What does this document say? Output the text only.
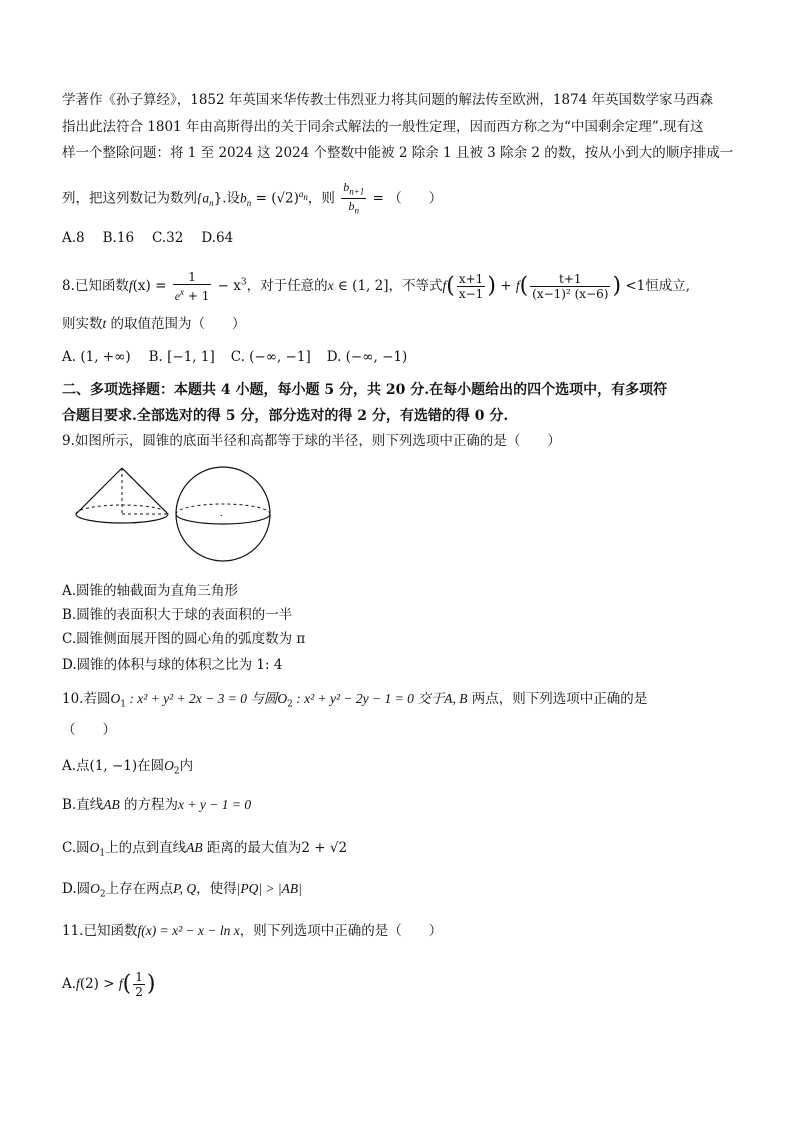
学著作《孙子算经》，1852 年英国来华传教士伟烈亚力将其问题的解法传至欧洲，1874 年英国数学家马西森
指出此法符合 1801 年由高斯得出的关于同余式解法的一般性定理，因而西方称之为“中国剩余定理”.现有这
样一个整除问题：将 1 至 2024 这 2024 个整数中能被 2 除余 1 且被 3 除余 2 的数，按从小到大的顺序排成一
列，把这列数记为数列$\{a_n\}$.设$b_n = (√2)^{a_n}$，则 $\frac{b_{n+1}}{b_n}$ = （　　）
A.8 B.16 C.32 D.64
8.已知函数$f(x) = \frac{1}{e^x + 1} - x^3$，对于任意的x ∈ (1, 2]，不等式$f( \frac{x+1}{x-1}$ ) + $f( \frac{t+1}{\text{(x−1)² (x−6)}}$ ) <1恒成立,
则实数t 的取值范围为（　　）
A. (1, +∞) B. [−1, 1] C. (−∞, −1] D. (−∞, −1)
二、多项选择题：本题共 4 小题，每小题 5 分，共 20 分.在每小题给出的四个选项中，有多项符
合题目要求.全部选对的得 5 分，部分选对的得 2 分，有选错的得 0 分.
9.如图所示，圆锥的底面半径和高都等于球的半径，则下列选项中正确的是（　　）
.
A.圆锥的轴截面为直角三角形
B.圆锥的表面积大于球的表面积的一半
C.圆锥侧面展开图的圆心角的弧度数为 π
D.圆锥的体积与球的体积之比为 1: 4
10.若圆$O_1$ : x² + y² + 2x − 3 = 0 与圆$O_2$ : x² + y² − 2y − 1 = 0 交于A, B 两点，则下列选项中正确的是
（　　）
A.点(1, −1)在圆$O_2$内
B.直线AB 的方程为x + y − 1 = 0
C.圆$O_1$上的点到直线AB 距离的最大值为2 + √2
D.圆$O_2$上存在两点P, Q，使得|PQ| > |AB|
11.已知函数f(x) = x² − x − ln x，则下列选项中正确的是（　　）
$A.f(2) > f( \frac{1}{2}$ )
